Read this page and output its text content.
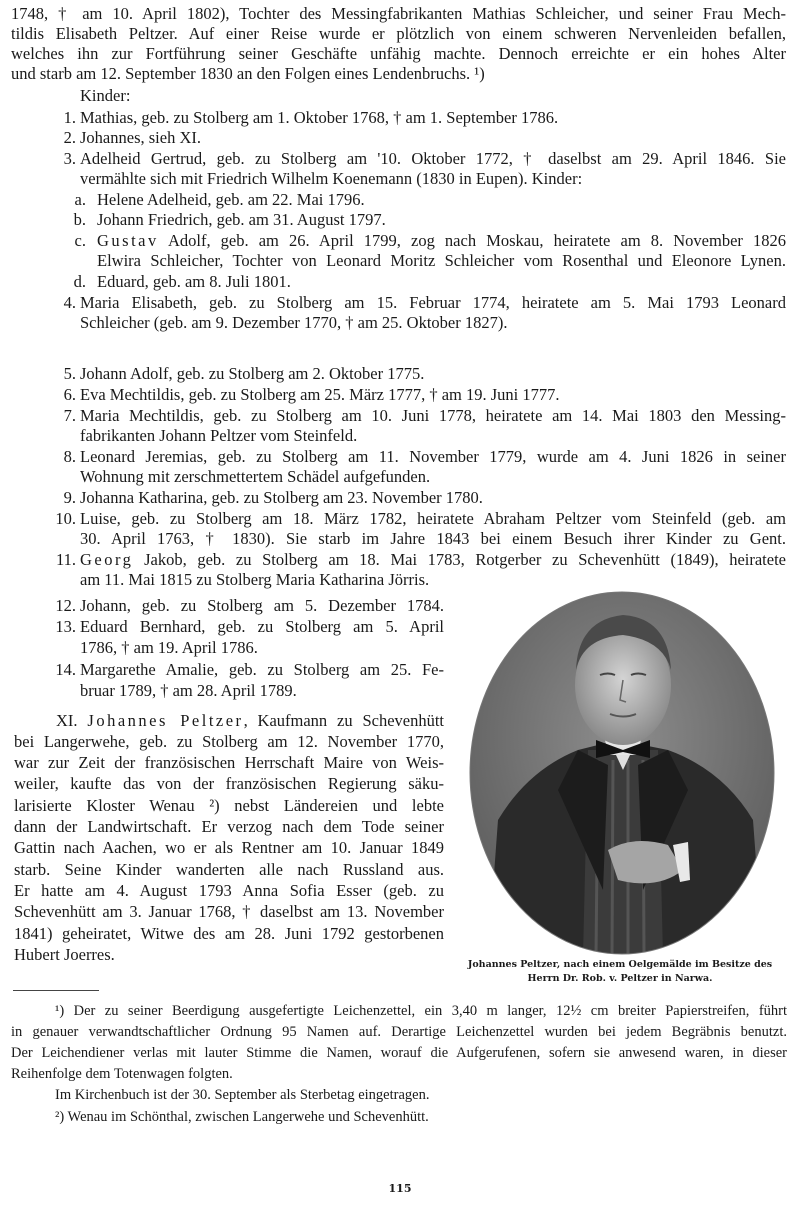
1748, † am 10. April 1802), Tochter des Messingfabrikanten Mathias Schleicher, und seiner Frau Mech-
tildis Elisabeth Peltzer. Auf einer Reise wurde er plötzlich von einem schweren Nervenleiden befallen,
welches ihn zur Fortführung seiner Geschäfte unfähig machte. Dennoch erreichte er ein hohes Alter
und starb am 12. September 1830 an den Folgen eines Lendenbruchs. ¹)
Kinder:
1. Mathias, geb. zu Stolberg am 1. Oktober 1768, † am 1. September 1786.
2. Johannes, sieh XI.
3. Adelheid Gertrud, geb. zu Stolberg am '10. Oktober 1772, † daselbst am 29. April 1846. Sie
vermählte sich mit Friedrich Wilhelm Koenemann (1830 in Eupen). Kinder:
a. Helene Adelheid, geb. am 22. Mai 1796.
b. Johann Friedrich, geb. am 31. August 1797.
c. Gustav Adolf, geb. am 26. April 1799, zog nach Moskau, heiratete am 8. November 1826
Elwira Schleicher, Tochter von Leonard Moritz Schleicher vom Rosenthal und Eleonore Lynen.
d. Eduard, geb. am 8. Juli 1801.
4. Maria Elisabeth, geb. zu Stolberg am 15. Februar 1774, heiratete am 5. Mai 1793 Leonard
Schleicher (geb. am 9. Dezember 1770, † am 25. Oktober 1827).
5. Johann Adolf, geb. zu Stolberg am 2. Oktober 1775.
6. Eva Mechtildis, geb. zu Stolberg am 25. März 1777, † am 19. Juni 1777.
7. Maria Mechtildis, geb. zu Stolberg am 10. Juni 1778, heiratete am 14. Mai 1803 den Messing-
fabrikanten Johann Peltzer vom Steinfeld.
8. Leonard Jeremias, geb. zu Stolberg am 11. November 1779, wurde am 4. Juni 1826 in seiner
Wohnung mit zerschmettertem Schädel aufgefunden.
9. Johanna Katharina, geb. zu Stolberg am 23. November 1780.
10. Luise, geb. zu Stolberg am 18. März 1782, heiratete Abraham Peltzer vom Steinfeld (geb. am
30. April 1763, † 1830). Sie starb im Jahre 1843 bei einem Besuch ihrer Kinder zu Gent.
11. Georg Jakob, geb. zu Stolberg am 18. Mai 1783, Rotgerber zu Schevenhütt (1849), heiratete
am 11. Mai 1815 zu Stolberg Maria Katharina Jörris.
12. Johann, geb. zu Stolberg am 5. Dezember 1784.
13. Eduard Bernhard, geb. zu Stolberg am 5. April
1786, † am 19. April 1786.
14. Margarethe Amalie, geb. zu Stolberg am 25. Fe-
bruar 1789, † am 28. April 1789.
XI. Johannes Peltzer, Kaufmann zu Schevenhütt
bei Langerwehe, geb. zu Stolberg am 12. November 1770,
war zur Zeit der französischen Herrschaft Maire von Weis-
weiler, kaufte das von der französischen Regierung säku-
larisierte Kloster Wenau ²) nebst Ländereien und lebte
dann der Landwirtschaft. Er verzog nach dem Tode seiner
Gattin nach Aachen, wo er als Rentner am 10. Januar 1849
starb. Seine Kinder wanderten alle nach Russland aus.
Er hatte am 4. August 1793 Anna Sofia Esser (geb. zu
Schevenhütt am 3. Januar 1768, † daselbst am 13. November
1841) geheiratet, Witwe des am 28. Juni 1792 gestorbenen
Hubert Joerres.
Johannes Peltzer, nach einem Oelgemälde im Besitze des
Herrn Dr. Rob. v. Peltzer in Narwa.
¹) Der zu seiner Beerdigung ausgefertigte Leichenzettel, ein 3,40 m langer, 12½ cm breiter Papierstreifen, führt
in genauer verwandtschaftlicher Ordnung 95 Namen auf. Derartige Leichenzettel wurden bei jedem Begräbnis benutzt.
Der Leichendiener verlas mit lauter Stimme die Namen, worauf die Aufgerufenen, sofern sie anwesend waren, in dieser
Reihenfolge dem Totenwagen folgten.
Im Kirchenbuch ist der 30. September als Sterbetag eingetragen.
²) Wenau im Schönthal, zwischen Langerwehe und Schevenhütt.
115
